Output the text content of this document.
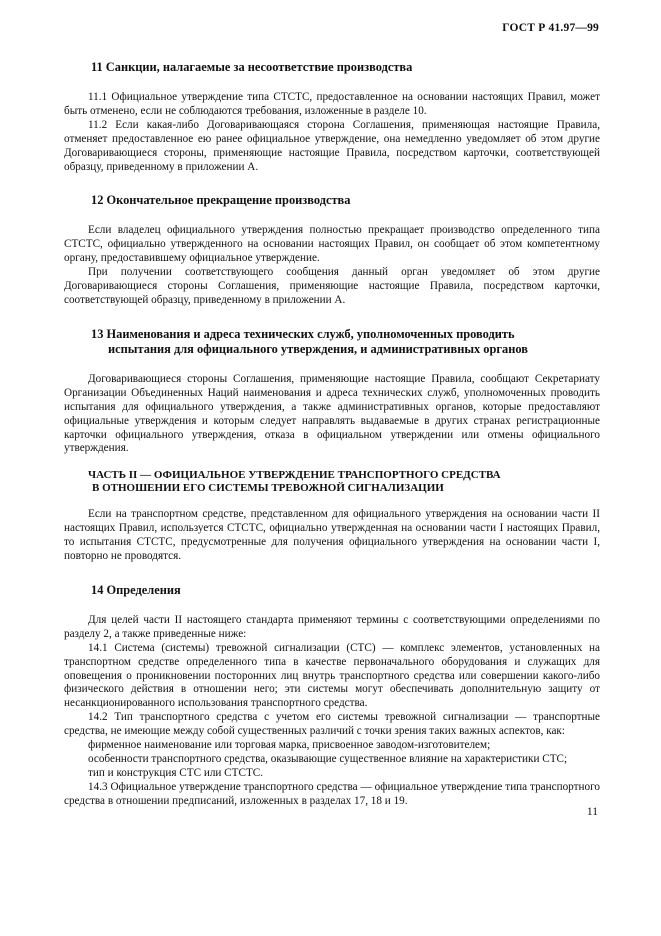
ГОСТ Р 41.97—99
11 Санкции, налагаемые за несоответствие производства

11.1 Официальное утверждение типа СТСТС, предоставленное на основании настоящих Правил, может быть отменено, если не соблюдаются требования, изложенные в разделе 10.

11.2 Если какая-либо Договаривающаяся сторона Соглашения, применяющая настоящие Правила, отменяет предоставленное ею ранее официальное утверждение, она немедленно уведомляет об этом другие Договаривающиеся стороны, применяющие настоящие Правила, посредством карточки, соответствующей образцу, приведенному в приложении А.

12 Окончательное прекращение производства

Если владелец официального утверждения полностью прекращает производство определенного типа СТСТС, официально утвержденного на основании настоящих Правил, он сообщает об этом компетентному органу, предоставившему официальное утверждение.

При получении соответствующего сообщения данный орган уведомляет об этом другие Договаривающиеся стороны Соглашения, применяющие настоящие Правила, посредством карточки, соответствующей образцу, приведенному в приложении А.

13 Наименования и адреса технических служб, уполномоченных проводить
испытания для официального утверждения, и административных органов

Договаривающиеся стороны Соглашения, применяющие настоящие Правила, сообщают Секретариату Организации Объединенных Наций наименования и адреса технических служб, уполномоченных проводить испытания для официального утверждения, а также административных органов, которые предоставляют официальные утверждения и которым следует направлять выдаваемые в других странах регистрационные карточки официального утверждения, отказа в официальном утверждении или отмены официального утверждения.

ЧАСТЬ II — ОФИЦИАЛЬНОЕ УТВЕРЖДЕНИЕ ТРАНСПОРТНОГО СРЕДСТВА
В ОТНОШЕНИИ ЕГО СИСТЕМЫ ТРЕВОЖНОЙ СИГНАЛИЗАЦИИ

Если на транспортном средстве, представленном для официального утверждения на основании части II настоящих Правил, используется СТСТС, официально утвержденная на основании части I настоящих Правил, то испытания СТСТС, предусмотренные для получения официального утверждения на основании части I, повторно не проводятся.

14 Определения

Для целей части II настоящего стандарта применяют термины с соответствующими определениями по разделу 2, а также приведенные ниже:

14.1 Система (системы) тревожной сигнализации (СТС) — комплекс элементов, установленных на транспортном средстве определенного типа в качестве первоначального оборудования и служащих для оповещения о проникновении посторонних лиц внутрь транспортного средства или совершении какого-либо физического действия в отношении него; эти системы могут обеспечивать дополнительную защиту от несанкционированного использования транспортного средства.

14.2 Тип транспортного средства с учетом его системы тревожной сигнализации — транспортные средства, не имеющие между собой существенных различий с точки зрения таких важных аспектов, как:

фирменное наименование или торговая марка, присвоенное заводом-изготовителем;

особенности транспортного средства, оказывающие существенное влияние на характеристики СТС;

тип и конструкция СТС или СТСТС.

14.3 Официальное утверждение транспортного средства — официальное утверждение типа транспортного средства в отношении предписаний, изложенных в разделах 17, 18 и 19.

11
